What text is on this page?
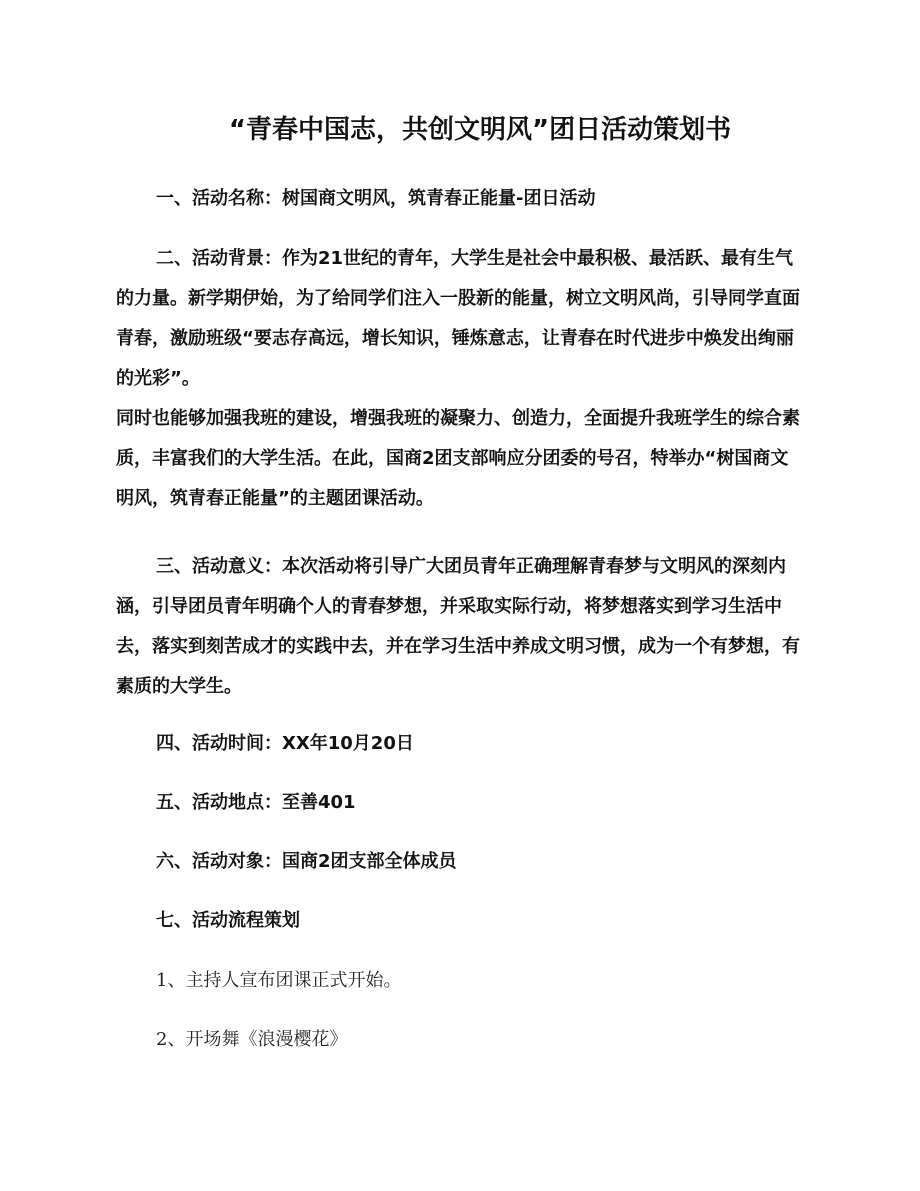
“青春中国志，共创文明风”团日活动策划书
一、活动名称：树国商文明风，筑青春正能量-团日活动

二、活动背景：作为21世纪的青年，大学生是社会中最积极、最活跃、最有生气的力量。新学期伊始，为了给同学们注入一股新的能量，树立文明风尚，引导同学直面青春，激励班级“要志存高远，增长知识，锤炼意志，让青春在时代进步中焕发出绚丽的光彩”。

同时也能够加强我班的建设，增强我班的凝聚力、创造力，全面提升我班学生的综合素质，丰富我们的大学生活。在此，国商2团支部响应分团委的号召，特举办“树国商文明风，筑青春正能量”的主题团课活动。

三、活动意义：本次活动将引导广大团员青年正确理解青春梦与文明风的深刻内涵，引导团员青年明确个人的青春梦想，并采取实际行动，将梦想落实到学习生活中去，落实到刻苦成才的实践中去，并在学习生活中养成文明习惯，成为一个有梦想，有素质的大学生。

四、活动时间：XX年10月20日
五、活动地点：至善401
六、活动对象：国商2团支部全体成员
七、活动流程策划
1、主持人宣布团课正式开始。
2、开场舞《浪漫樱花》
